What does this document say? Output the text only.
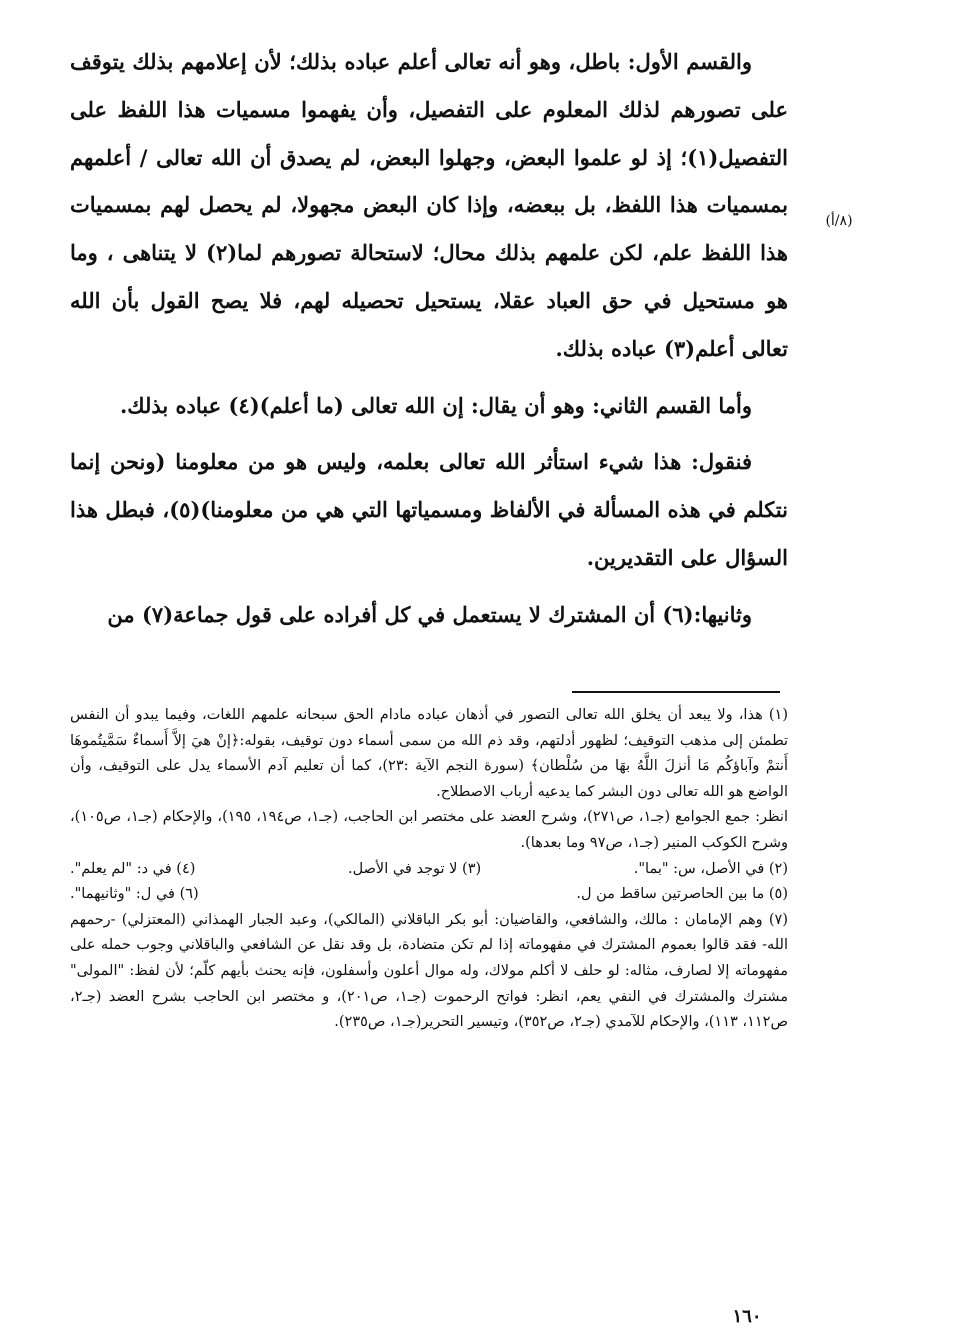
والقسم الأول: باطل، وهو أنه تعالى أعلم عباده بذلك؛ لأن إعلامهم بذلك يتوقف على تصورهم لذلك المعلوم على التفصيل، وأن يفهموا مسميات هذا اللفظ على التفصيل(١)؛ إذ لو علموا البعض، وجهلوا البعض، لم يصدق أن الله تعالى / أعلمهم بمسميات هذا اللفظ، بل ببعضه، وإذا كان البعض مجهولا، لم يحصل لهم بمسميات هذا اللفظ علم، لكن علمهم بذلك محال؛ لاستحالة تصورهم لما(٢) لا يتناهى ، وما هو مستحيل في حق العباد عقلا، يستحيل تحصيله لهم، فلا يصح القول بأن الله تعالى أعلم(٣) عباده بذلك.

وأما القسم الثاني: وهو أن يقال: إن الله تعالى (ما أعلم)(٤) عباده بذلك.

فنقول: هذا شيء استأثر الله تعالى بعلمه، وليس هو من معلومنا (ونحن إنما نتكلم في هذه المسألة في الألفاظ ومسمياتها التي هي من معلومنا)(٥)، فبطل هذا السؤال على التقديرين.

وثانيها:(٦) أن المشترك لا يستعمل في كل أفراده على قول جماعة(٧) من

(٨/أ)

(١) هذا، ولا يبعد أن يخلق الله تعالى التصور في أذهان عباده مادام الحق سبحانه علمهم اللغات، وفيما يبدو أن النفس تطمئن إلى مذهب التوقيف؛ لظهور أدلتهم، وقد ذم الله من سمى أسماء دون توقيف، بقوله:﴿إنْ هيَ إلاَّ أَسماءٌ سَمَّيتُموهَا أَنتمْ وآباؤكُم مَا أنزلَ اللَّهُ بهَا من سُلْطان﴾ (سورة النجم الآية :٢٣)، كما أن تعليم آدم الأسماء يدل على التوقيف، وأن الواضع هو الله تعالى دون البشر كما يدعيه أرباب الاصطلاح.

انظر: جمع الجوامع (جـ١، ص٢٧١)، وشرح العضد على مختصر ابن الحاجب، (جـ١، ص١٩٤، ١٩٥)، والإحكام (جـ١، ص١٠٥)، وشرح الكوكب المنير (جـ١، ص٩٧ وما بعدها).

(٢) في الأصل، س: "بما".
(٣) لا توجد في الأصل.
(٤) في د: "لم يعلم".
(٥) ما بين الحاصرتين ساقط من ل.
(٦) في ل: "وثانيهما".

(٧) وهم الإمامان : مالك، والشافعي، والقاضيان: أبو بكر الباقلاني (المالكي)، وعبد الجبار الهمذاني (المعتزلي) -رحمهم الله- فقد قالوا بعموم المشترك في مفهوماته إذا لم تكن متضادة، بل وقد نقل عن الشافعي والباقلاني وجوب حمله على مفهوماته إلا لصارف، مثاله: لو حلف لا أكلم مولاك، وله موال أعلون وأسفلون، فإنه يحنث بأيهم كلّم؛ لأن لفظ: "المولى" مشترك والمشترك في النفي يعم، انظر: فواتح الرحموت (جـ١، ص٢٠١)، و مختصر ابن الحاجب بشرح العضد (جـ٢، ص١١٢، ١١٣)، والإحكام للآمدي (جـ٢، ص٣٥٢)، وتيسير التحرير(جـ١، ص٢٣٥).

١٦٠
